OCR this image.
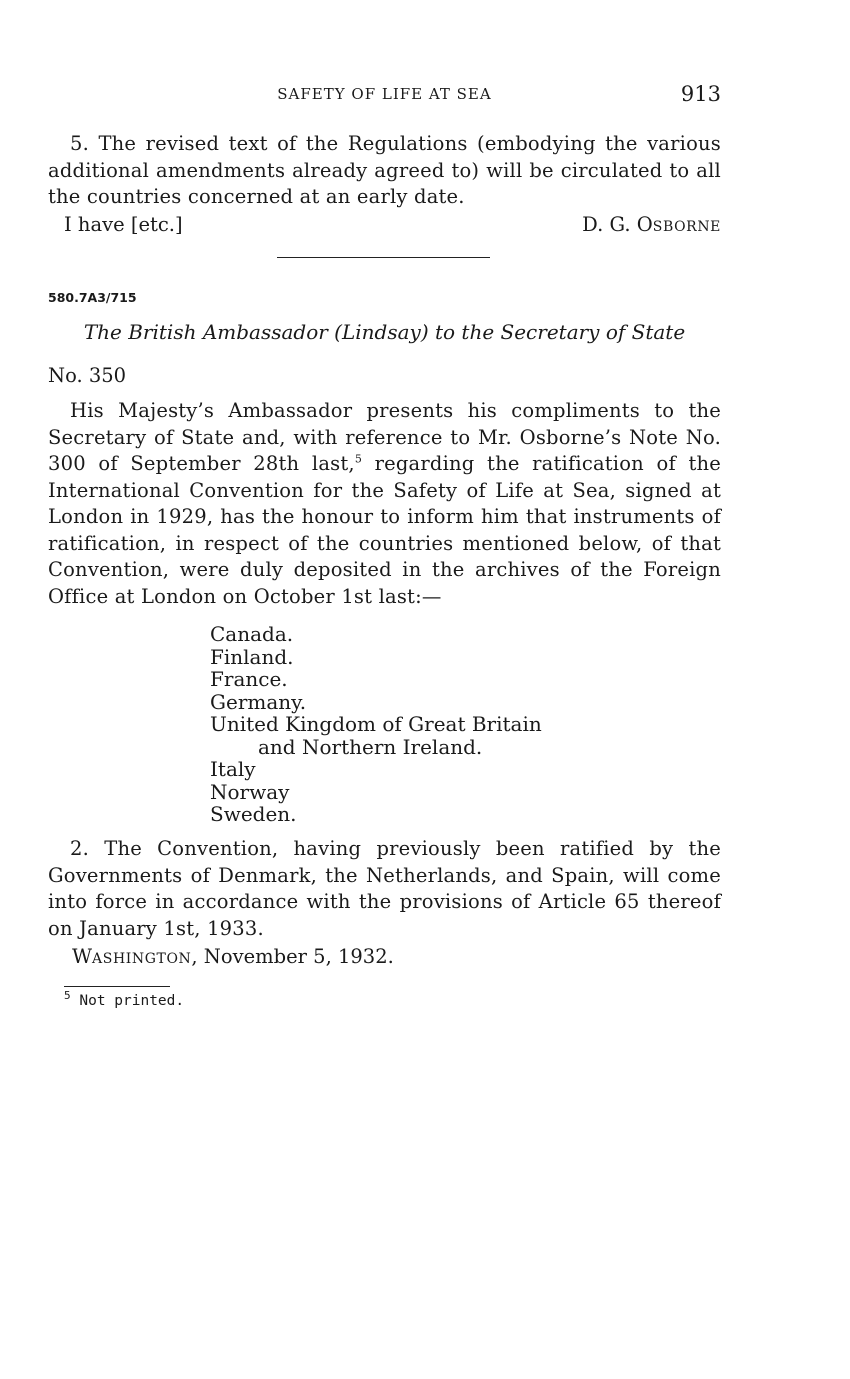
SAFETY OF LIFE AT SEA	913

5. The revised text of the Regulations (embodying the various additional amendments already agreed to) will be circulated to all the countries concerned at an early date.

I have [etc.]	D. G. OSBORNE
580.7A3/715
The British Ambassador (Lindsay) to the Secretary of State
No. 350

His Majesty’s Ambassador presents his compliments to the Secretary of State and, with reference to Mr. Osborne’s Note No. 300 of September 28th last,$^5$ regarding the ratification of the International Convention for the Safety of Life at Sea, signed at London in 1929, has the honour to inform him that instruments of ratification, in respect of the countries mentioned below, of that Convention, were duly deposited in the archives of the Foreign Office at London on October 1st last:—

Canada.
Finland.
France.
Germany.
United Kingdom of Great Britain
and Northern Ireland.
Italy
Norway
Sweden.

2. The Convention, having previously been ratified by the Governments of Denmark, the Netherlands, and Spain, will come into force in accordance with the provisions of Article 65 thereof on January 1st, 1933.

WASHINGTON, November 5, 1932.
$^5$ Not printed.
